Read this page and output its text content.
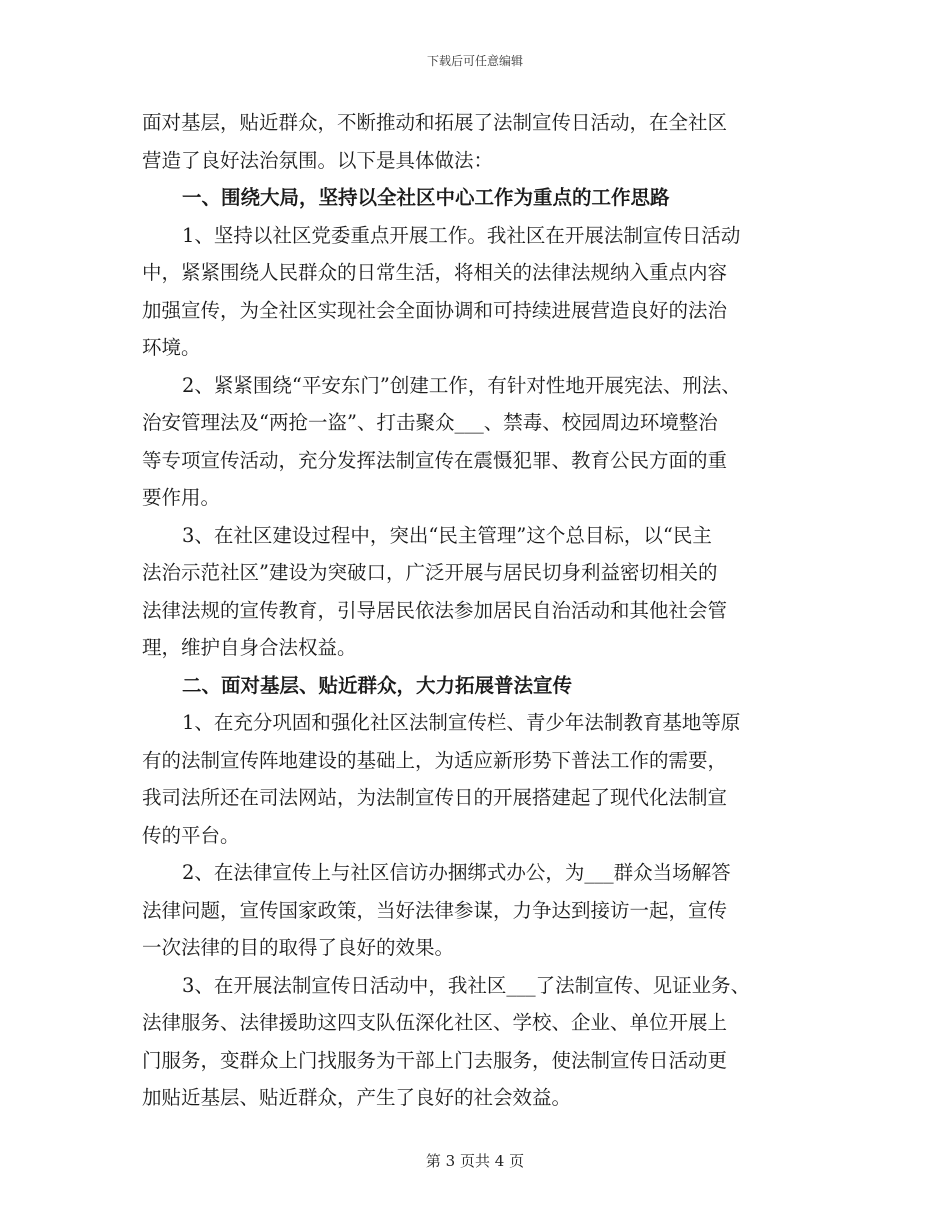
下载后可任意编辑

面对基层，贴近群众，不断推动和拓展了法制宣传日活动，在全社区
营造了良好法治氛围。以下是具体做法：

一、围绕大局，坚持以全社区中心工作为重点的工作思路

1、坚持以社区党委重点开展工作。我社区在开展法制宣传日活动
中，紧紧围绕人民群众的日常生活，将相关的法律法规纳入重点内容
加强宣传，为全社区实现社会全面协调和可持续进展营造良好的法治
环境。

2、紧紧围绕“平安东门”创建工作，有针对性地开展宪法、刑法、
治安管理法及“两抢一盗”、打击聚众___、禁毒、校园周边环境整治
等专项宣传活动，充分发挥法制宣传在震慑犯罪、教育公民方面的重
要作用。

3、在社区建设过程中，突出“民主管理”这个总目标，以“民主
法治示范社区”建设为突破口，广泛开展与居民切身利益密切相关的
法律法规的宣传教育，引导居民依法参加居民自治活动和其他社会管
理，维护自身合法权益。

二、面对基层、贴近群众，大力拓展普法宣传

1、在充分巩固和强化社区法制宣传栏、青少年法制教育基地等原
有的法制宣传阵地建设的基础上，为适应新形势下普法工作的需要，
我司法所还在司法网站，为法制宣传日的开展搭建起了现代化法制宣
传的平台。

2、在法律宣传上与社区信访办捆绑式办公，为___群众当场解答
法律问题，宣传国家政策，当好法律参谋，力争达到接访一起，宣传
一次法律的目的取得了良好的效果。

3、在开展法制宣传日活动中，我社区___了法制宣传、见证业务、
法律服务、法律援助这四支队伍深化社区、学校、企业、单位开展上
门服务，变群众上门找服务为干部上门去服务，使法制宣传日活动更
加贴近基层、贴近群众，产生了良好的社会效益。

第 3 页共 4 页
